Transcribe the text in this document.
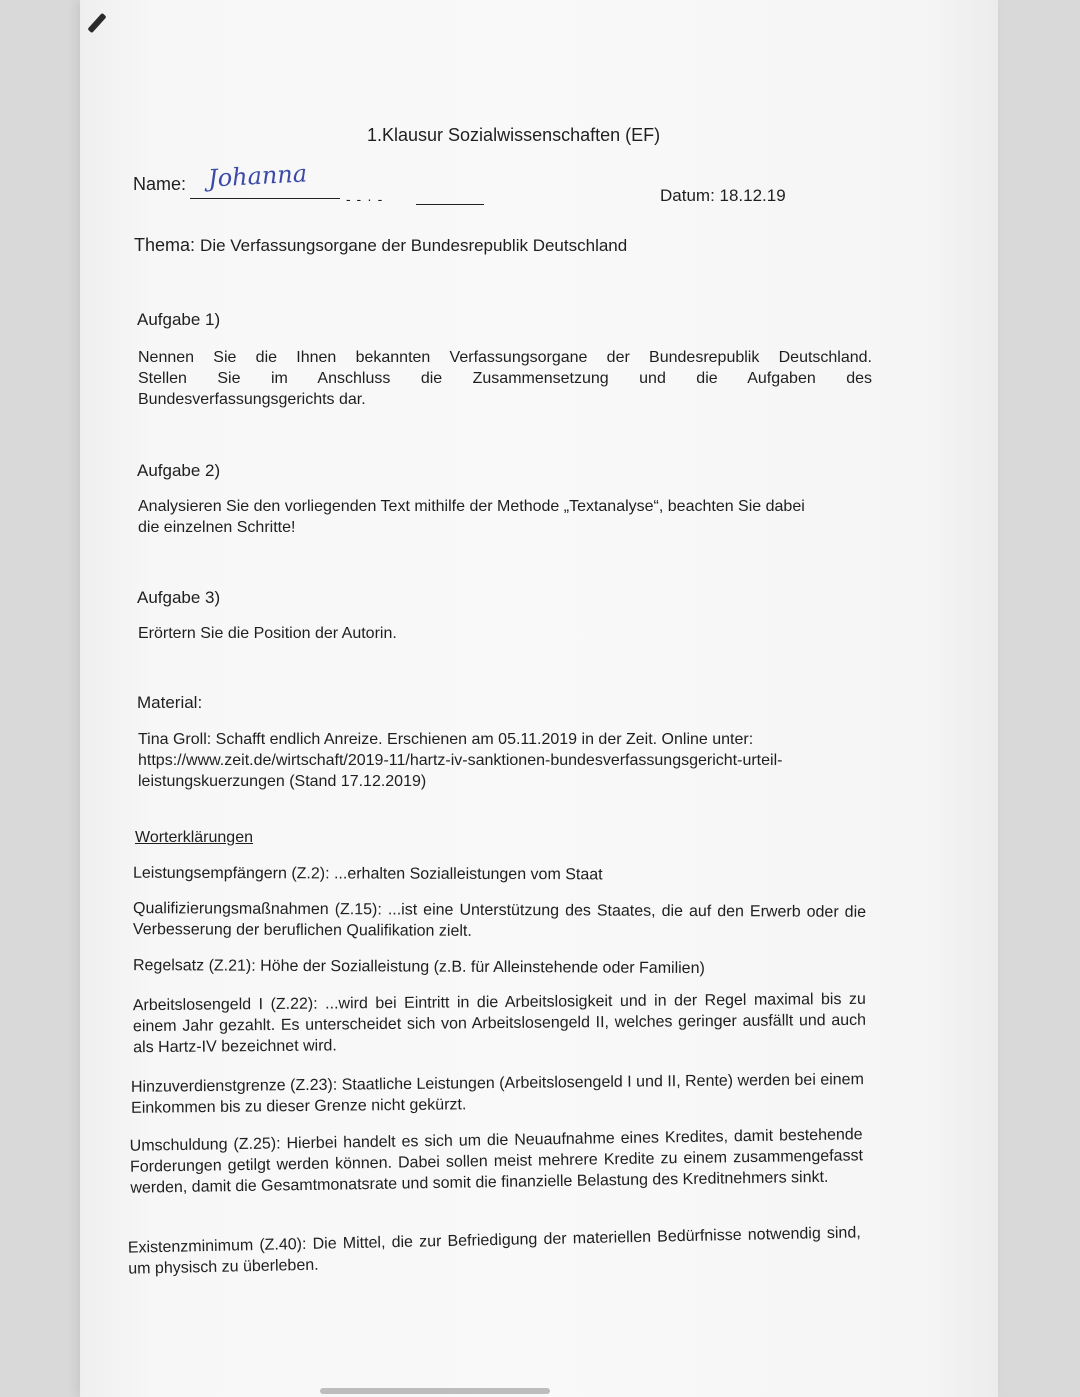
1.Klausur Sozialwissenschaften (EF)
Name: Johanna
- - · -	Datum: 18.12.19
Thema: Die Verfassungsorgane der Bundesrepublik Deutschland
Aufgabe 1)
Nennen Sie die Ihnen bekannten Verfassungsorgane der Bundesrepublik Deutschland.
Stellen Sie im Anschluss die Zusammensetzung und die Aufgaben des
Bundesverfassungsgerichts dar.
Aufgabe 2)
Analysieren Sie den vorliegenden Text mithilfe der Methode „Textanalyse“, beachten Sie dabei
die einzelnen Schritte!
Aufgabe 3)
Erörtern Sie die Position der Autorin.
Material:
Tina Groll: Schafft endlich Anreize. Erschienen am 05.11.2019 in der Zeit. Online unter:
https://www.zeit.de/wirtschaft/2019-11/hartz-iv-sanktionen-bundesverfassungsgericht-urteil-
leistungskuerzungen (Stand 17.12.2019)
Worterklärungen
Leistungsempfängern (Z.2): ...erhalten Sozialleistungen vom Staat
Qualifizierungsmaßnahmen (Z.15): ...ist eine Unterstützung des Staates, die auf den Erwerb oder die Verbesserung der beruflichen Qualifikation zielt.
Regelsatz (Z.21): Höhe der Sozialleistung (z.B. für Alleinstehende oder Familien)
Arbeitslosengeld I (Z.22): ...wird bei Eintritt in die Arbeitslosigkeit und in der Regel maximal bis zu einem Jahr gezahlt. Es unterscheidet sich von Arbeitslosengeld II, welches geringer ausfällt und auch als Hartz-IV bezeichnet wird.
Hinzuverdienstgrenze (Z.23): Staatliche Leistungen (Arbeitslosengeld I und II, Rente) werden bei einem Einkommen bis zu dieser Grenze nicht gekürzt.
Umschuldung (Z.25): Hierbei handelt es sich um die Neuaufnahme eines Kredites, damit bestehende Forderungen getilgt werden können. Dabei sollen meist mehrere Kredite zu einem zusammengefasst werden, damit die Gesamtmonatsrate und somit die finanzielle Belastung des Kreditnehmers sinkt.
Existenzminimum (Z.40): Die Mittel, die zur Befriedigung der materiellen Bedürfnisse notwendig sind, um physisch zu überleben.
